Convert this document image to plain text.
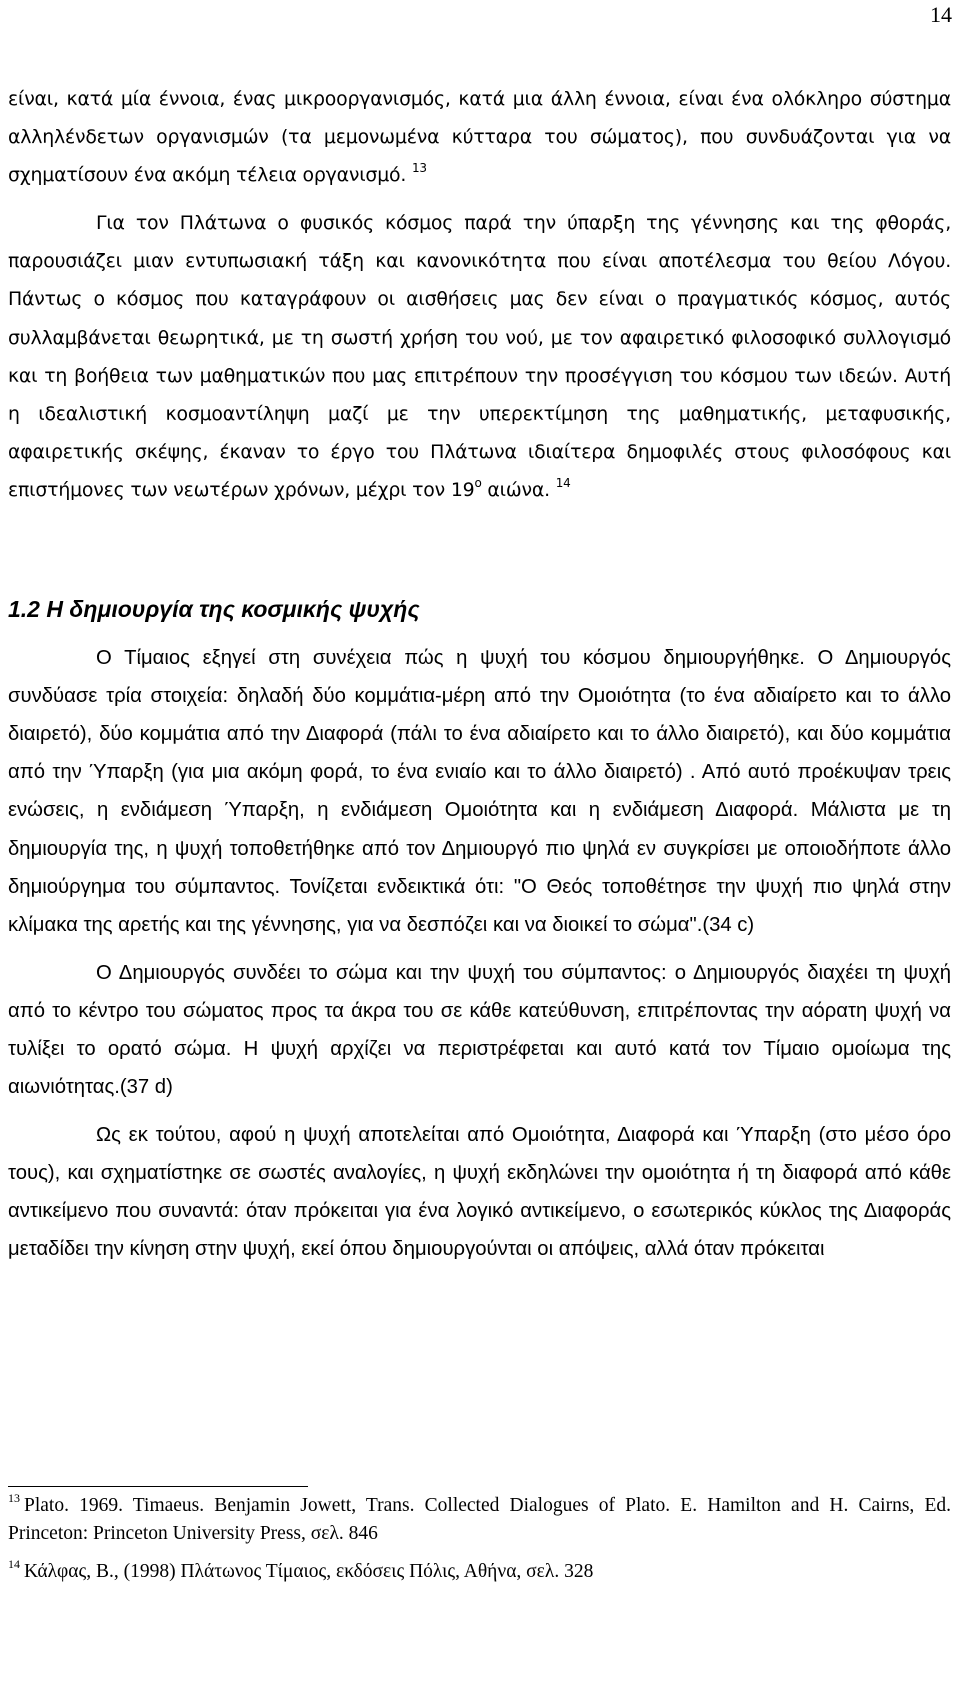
14

είναι, κατά μία έννοια, ένας μικροοργανισμός, κατά μια άλλη έννοια, είναι ένα ολόκληρο σύστημα αλληλένδετων οργανισμών (τα μεμονωμένα κύτταρα του σώματος), που συνδυάζονται για να σχηματίσουν ένα ακόμη τέλεια οργανισμό. $^{13}$

Για τον Πλάτωνα ο φυσικός κόσμος παρά την ύπαρξη της γέννησης και της φθοράς, παρουσιάζει μιαν εντυπωσιακή τάξη και κανονικότητα που είναι αποτέλεσμα του θείου Λόγου. Πάντως ο κόσμος που καταγράφουν οι αισθήσεις μας δεν είναι ο πραγματικός κόσμος, αυτός συλλαμβάνεται θεωρητικά, με τη σωστή χρήση του νού, με τον αφαιρετικό φιλοσοφικό συλλογισμό και τη βοήθεια των μαθηματικών που μας επιτρέπουν την προσέγγιση του κόσμου των ιδεών. Αυτή η ιδεαλιστική κοσμοαντίληψη μαζί με την υπερεκτίμηση της μαθηματικής, μεταφυσικής, αφαιρετικής σκέψης, έκαναν το έργο του Πλάτωνα ιδιαίτερα δημοφιλές στους φιλοσόφους και επιστήμονες των νεωτέρων χρόνων, μέχρι τον $19^o$ αιώνα. $^{14}$

1.2 Η δημιουργία της κοσμικής ψυχής

Ο Τίμαιος εξηγεί στη συνέχεια πώς η ψυχή του κόσμου δημιουργήθηκε. Ο Δημιουργός συνδύασε τρία στοιχεία: δηλαδή δύο κομμάτια-μέρη από την Ομοιότητα (το ένα αδιαίρετο και το άλλο διαιρετό), δύο κομμάτια από την Διαφορά (πάλι το ένα αδιαίρετο και το άλλο διαιρετό), και δύο κομμάτια από την Ύπαρξη (για μια ακόμη φορά, το ένα ενιαίο και το άλλο διαιρετό) . Από αυτό προέκυψαν τρεις ενώσεις, η ενδιάμεση Ύπαρξη, η ενδιάμεση Ομοιότητα και η ενδιάμεση Διαφορά. Μάλιστα με τη δημιουργία της, η ψυχή τοποθετήθηκε από τον Δημιουργό πιο ψηλά εν συγκρίσει με οποιοδήποτε άλλο δημιούργημα του σύμπαντος. Τονίζεται ενδεικτικά ότι: "Ο Θεός τοποθέτησε την ψυχή πιο ψηλά στην κλίμακα της αρετής και της γέννησης, για να δεσπόζει και να διοικεί το σώμα".(34 c)

Ο Δημιουργός συνδέει το σώμα και την ψυχή του σύμπαντος: ο Δημιουργός διαχέει τη ψυχή από το κέντρο του σώματος προς τα άκρα του σε κάθε κατεύθυνση, επιτρέποντας την αόρατη ψυχή να τυλίξει το ορατό σώμα. Η ψυχή αρχίζει να περιστρέφεται και αυτό κατά τον Τίμαιο ομοίωμα της αιωνιότητας.(37 d)

Ως εκ τούτου, αφού η ψυχή αποτελείται από Ομοιότητα, Διαφορά και Ύπαρξη (στο μέσο όρο τους), και σχηματίστηκε σε σωστές αναλογίες, η ψυχή εκδηλώνει την ομοιότητα ή τη διαφορά από κάθε αντικείμενο που συναντά: όταν πρόκειται για ένα λογικό αντικείμενο, ο εσωτερικός κύκλος της Διαφοράς μεταδίδει την κίνηση στην ψυχή, εκεί όπου δημιουργούνται οι απόψεις, αλλά όταν πρόκειται

$^{13}$ Plato. 1969. Timaeus. Benjamin Jowett, Trans. Collected Dialogues of Plato. E. Hamilton and H. Cairns, Ed. Princeton: Princeton University Press, σελ. 846

$^{14}$ Κάλφας, Β., (1998) Πλάτωνος Τίμαιος, εκδόσεις Πόλις, Αθήνα, σελ. 328
